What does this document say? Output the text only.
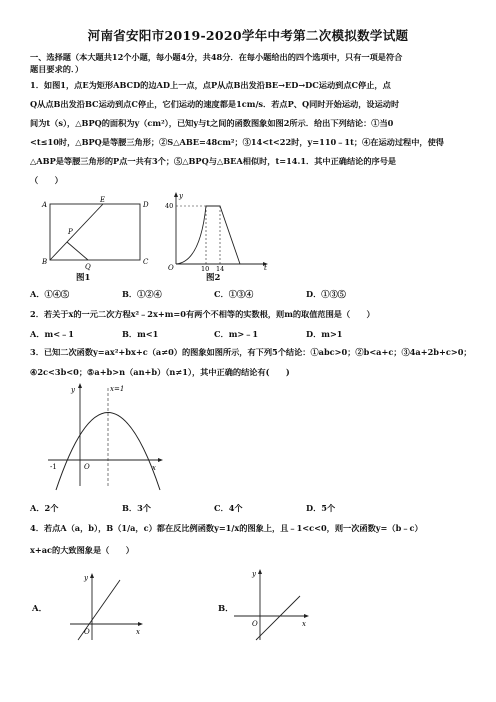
河南省安阳市2019-2020学年中考第二次模拟数学试题
一、选择题（本大题共12个小题，每小题4分，共48分．在每小题给出的四个选项中，只有一项是符合
题目要求的．）
1．如图1，点E为矩形ABCD的边AD上一点，点P从点B出发沿BE→ED→DC运动到点C停止，点
Q从点B出发沿BC运动到点C停止，它们运动的速度都是1cm/s．若点P、Q同时开始运动，设运动时
间为t（s），△BPQ的面积为y（cm²），已知y与t之间的函数图象如图2所示．给出下列结论：①当0
<t≤10时，△BPQ是等腰三角形；②S△ABE=48cm²；③14<t<22时，y=110﹣1t；④在运动过程中，使得
△ABP是等腰三角形的P点一共有3个；⑤△BPQ与△BEA相似时，t=14.1．其中正确结论的序号是
（　　）
A
B	C
D
E
P
Q
图1
y
t
O
40
10 14
图2
A．①④⑤	B．①②④	C．①③④	D．①③⑤
2．若关于x的一元二次方程x²﹣2x+m=0有两个不相等的实数根，则m的取值范围是（　　）
A．m<﹣1	B．m<1	C．m>﹣1	D．m>1
3．已知二次函数y=ax²+bx+c（a≠0）的图象如图所示，有下列5个结论：①abc>0；②b<a+c；③4a+2b+c>0；
④2c<3b<0；⑤a+b>n（an+b）（n≠1），其中正确的结论有(　　)
x=1
y
x
O
-1
A．2个	B．3个	C．4个	D．5个
4．若点A（a，b），B（1/a，c）都在反比例函数y=1/x的图象上，且﹣1<c<0，则一次函数y=（b﹣c）
x+ac的大致图象是（　　）
A．
y
x
O
B．
y
x
O
